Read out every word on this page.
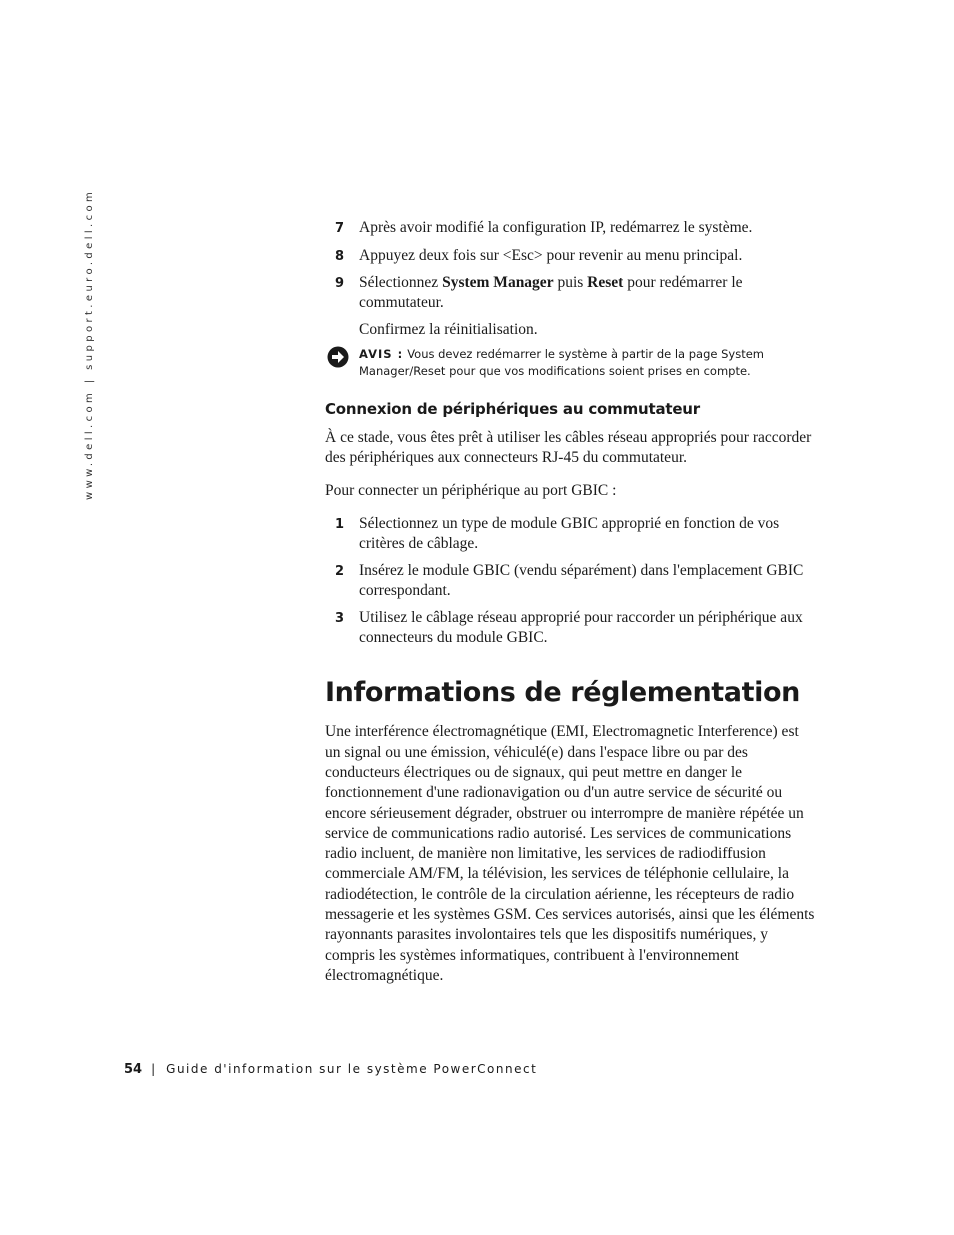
www.dell.com | support.euro.dell.com	7 Après avoir modifié la configuration IP, redémarrez le système.
8 Appuyez deux fois sur <Esc> pour revenir au menu principal.
9 Sélectionnez System Manager puis Reset pour redémarrer le commutateur.
Confirmez la réinitialisation.
AVIS : Vous devez redémarrer le système à partir de la page System Manager/Reset pour que vos modifications soient prises en compte.
Connexion de périphériques au commutateur

À ce stade, vous êtes prêt à utiliser les câbles réseau appropriés pour raccorder des périphériques aux connecteurs RJ-45 du commutateur.

Pour connecter un périphérique au port GBIC :

1 Sélectionnez un type de module GBIC approprié en fonction de vos critères de câblage.
2 Insérez le module GBIC (vendu séparément) dans l'emplacement GBIC correspondant.
3 Utilisez le câblage réseau approprié pour raccorder un périphérique aux connecteurs du module GBIC.
Informations de réglementation

Une interférence électromagnétique (EMI, Electromagnetic Interference) est un signal ou une émission, véhiculé(e) dans l'espace libre ou par des conducteurs électriques ou de signaux, qui peut mettre en danger le fonctionnement d'une radionavigation ou d'un autre service de sécurité ou encore sérieusement dégrader, obstruer ou interrompre de manière répétée un service de communications radio autorisé. Les services de communications radio incluent, de manière non limitative, les services de radiodiffusion commerciale AM/FM, la télévision, les services de téléphonie cellulaire, la radiodétection, le contrôle de la circulation aérienne, les récepteurs de radio messagerie et les systèmes GSM. Ces services autorisés, ainsi que les éléments rayonnants parasites involontaires tels que les dispositifs numériques, y compris les systèmes informatiques, contribuent à l'environnement électromagnétique.

54 | Guide d'information sur le système PowerConnect
